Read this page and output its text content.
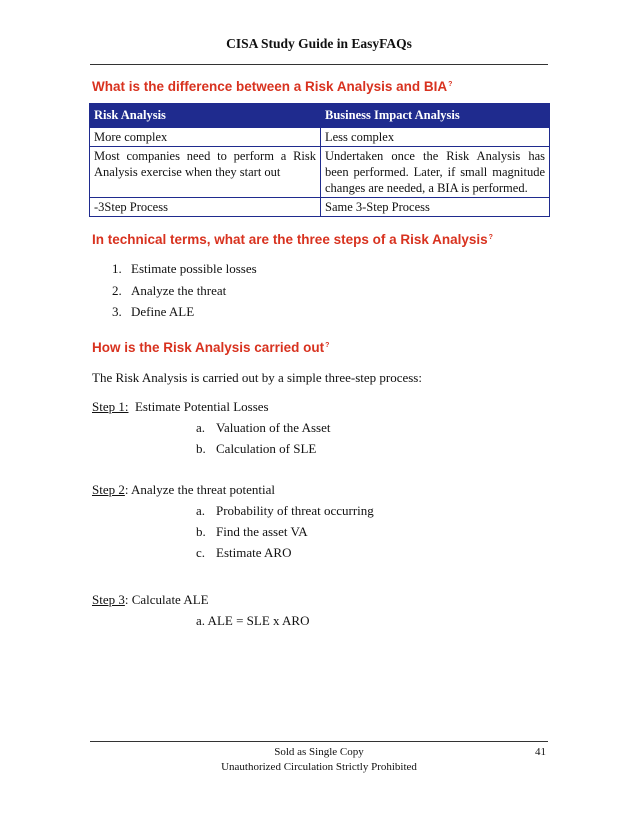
CISA Study Guide in EasyFAQs
What is the difference between a Risk Analysis and BIA?
Risk Analysis	Business Impact Analysis
More complex	Less complex
Most companies need to perform a Risk Analysis exercise when they start out	Undertaken once the Risk Analysis has been performed. Later, if small magnitude changes are needed, a BIA is performed.
-3Step Process	Same 3-Step Process
In technical terms, what are the three steps of a Risk Analysis?
1. Estimate possible losses
2. Analyze the threat
3. Define ALE
How is the Risk Analysis carried out?
The Risk Analysis is carried out by a simple three-step process:
Step 1: Estimate Potential Losses
a. Valuation of the Asset
b. Calculation of SLE
Step 2: Analyze the threat potential
a. Probability of threat occurring
b. Find the asset VA
c. Estimate ARO
Step 3: Calculate ALE
a. ALE = SLE x ARO
Sold as Single Copy
Unauthorized Circulation Strictly Prohibited
41
